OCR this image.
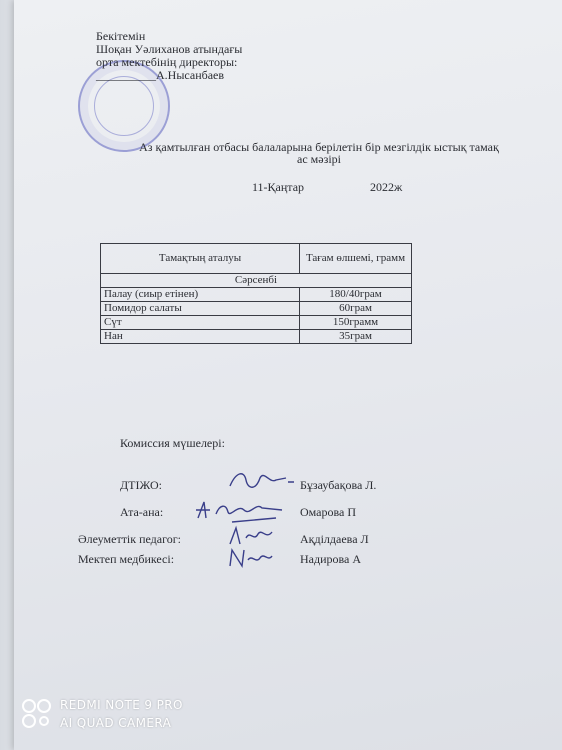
Бекітемін
Шоқан Уәлиханов атындағы
орта мектебінің директоры:
__________А.Нысанбаев
Аз қамтылған отбасы балаларына берілетін бір мезгілдік ыстық тамақ
ас мәзірі
11-Қаңтар	2022ж
Тамақтың аталуы	Тағам өлшемі, грамм
Сәрсенбі	
Палау (сиыр етінен)	180/40грам
Помидор салаты	60грам
Сүт	150грамм
Нан	35грам
Комиссия мүшелері:
ДТІЖО:	Бұзаубақова Л.
Ата-ана:	Омарова П
Әлеуметтік педагог:	Ақділдаева Л
Мектеп медбикесі:	Надирова А
REDMI NOTE 9 PRO
AI QUAD CAMERA
